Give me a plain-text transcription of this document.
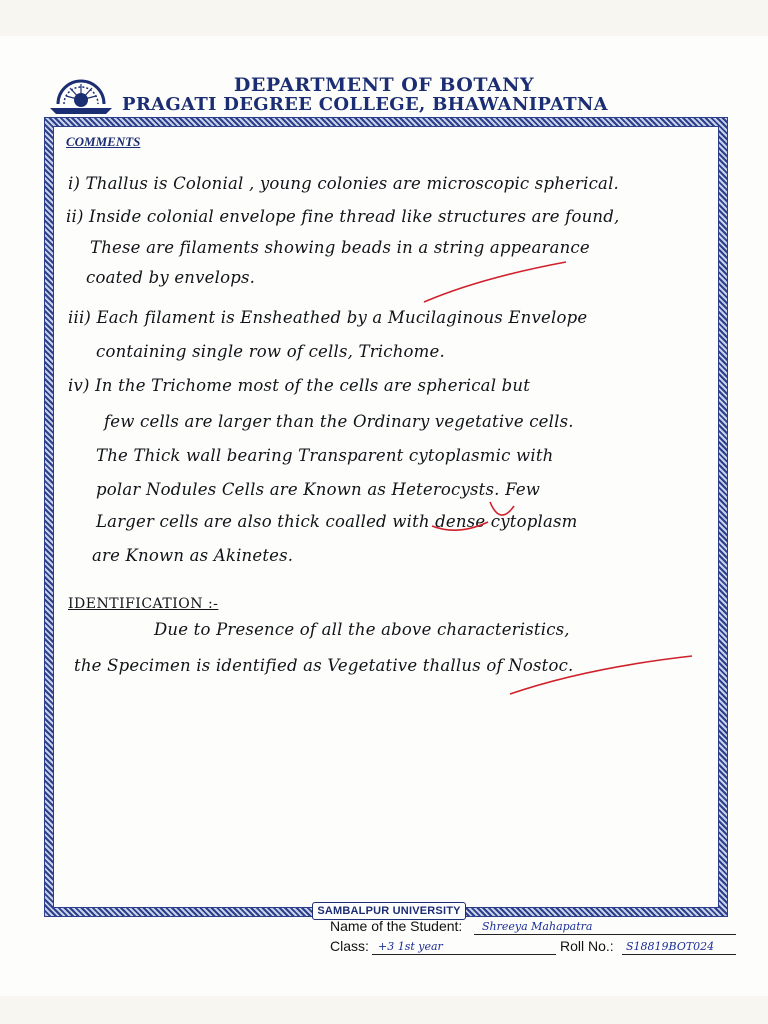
DEPARTMENT OF BOTANY
PRAGATI DEGREE COLLEGE, BHAWANIPATNA
COMMENTS
i) Thallus is Colonial , young colonies are microscopic spherical.
ii) Inside colonial envelope fine thread like structures are found,
These are filaments showing beads in a string appearance
coated by envelops.
iii) Each filament is Ensheathed by a Mucilaginous Envelope
containing single row of cells, Trichome.
iv) In the Trichome most of the cells are spherical but
few cells are larger than the Ordinary vegetative cells.
The Thick wall bearing Transparent cytoplasmic with
polar Nodules Cells are Known as Heterocysts. Few
Larger cells are also thick coalled with dense cytoplasm
are Known as Akinetes.
IDENTIFICATION :-
Due to Presence of all the above characteristics,
the Specimen is identified as Vegetative thallus of Nostoc.
SAMBALPUR UNIVERSITY
Name of the Student: Shreeya Mahapatra
Class: +3 1st year	Roll No.: S18819BOT024
